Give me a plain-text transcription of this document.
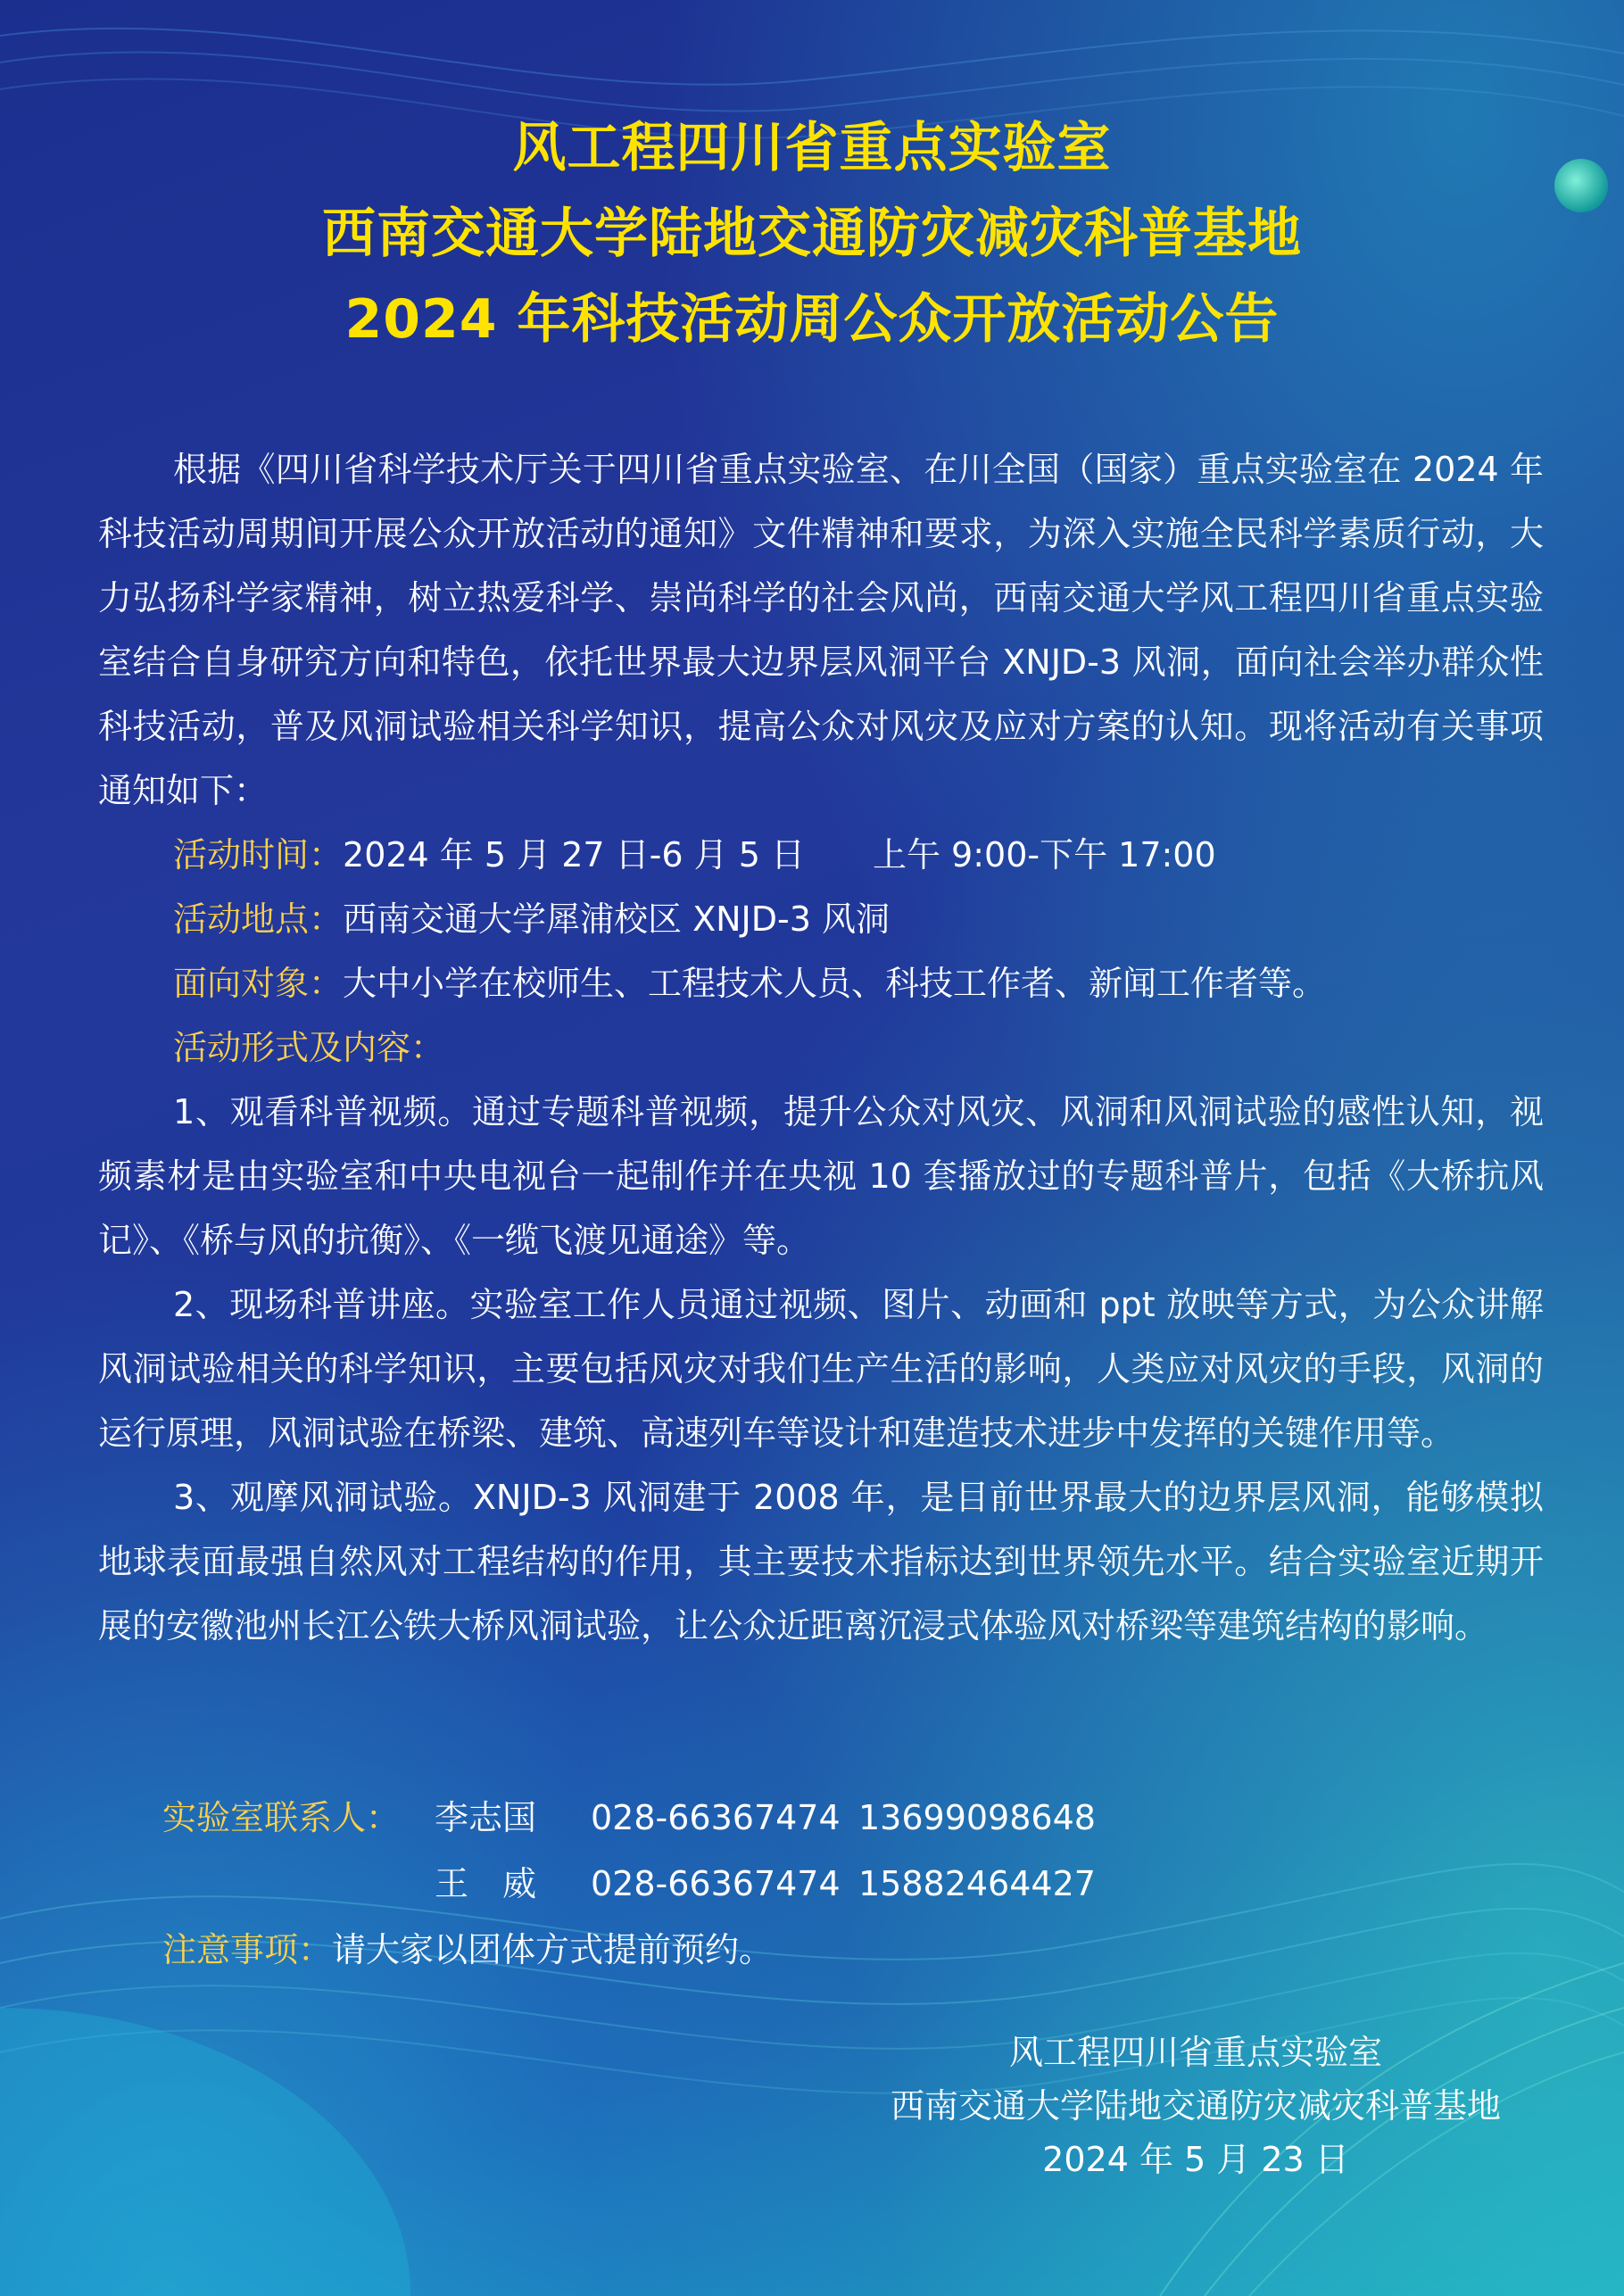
风工程四川省重点实验室
西南交通大学陆地交通防灾减灾科普基地
2024 年科技活动周公众开放活动公告

根据《四川省科学技术厅关于四川省重点实验室、在川全国（国家）重点实验室在 2024 年科技活动周期间开展公众开放活动的通知》文件精神和要求，为深入实施全民科学素质行动，大力弘扬科学家精神，树立热爱科学、崇尚科学的社会风尚，西南交通大学风工程四川省重点实验室结合自身研究方向和特色，依托世界最大边界层风洞平台 XNJD-3 风洞，面向社会举办群众性科技活动，普及风洞试验相关科学知识，提高公众对风灾及应对方案的认知。现将活动有关事项通知如下：

活动时间：2024 年 5 月 27 日-6 月 5 日　　上午 9:00-下午 17:00
活动地点：西南交通大学犀浦校区 XNJD-3 风洞
面向对象：大中小学在校师生、工程技术人员、科技工作者、新闻工作者等。
活动形式及内容：

1、观看科普视频。通过专题科普视频，提升公众对风灾、风洞和风洞试验的感性认知，视频素材是由实验室和中央电视台一起制作并在央视 10 套播放过的专题科普片，包括《大桥抗风记》、《桥与风的抗衡》、《一缆飞渡见通途》等。

2、现场科普讲座。实验室工作人员通过视频、图片、动画和 ppt 放映等方式，为公众讲解风洞试验相关的科学知识，主要包括风灾对我们生产生活的影响，人类应对风灾的手段，风洞的运行原理，风洞试验在桥梁、建筑、高速列车等设计和建造技术进步中发挥的关键作用等。

3、观摩风洞试验。XNJD-3 风洞建于 2008 年，是目前世界最大的边界层风洞，能够模拟地球表面最强自然风对工程结构的作用，其主要技术指标达到世界领先水平。结合实验室近期开展的安徽池州长江公铁大桥风洞试验，让公众近距离沉浸式体验风对桥梁等建筑结构的影响。

实验室联系人： 李志国 028-66367474 13699098648
王　威 028-66367474 15882464427
注意事项：请大家以团体方式提前预约。
风工程四川省重点实验室
西南交通大学陆地交通防灾减灾科普基地
2024 年 5 月 23 日
